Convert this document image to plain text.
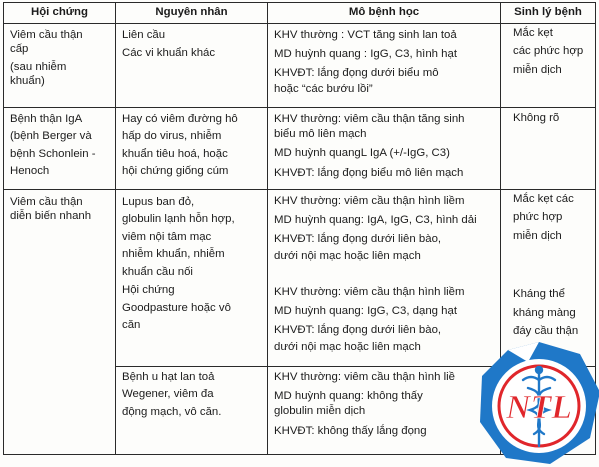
Hội chứng	Nguyên nhân	Mô bệnh học	Sinh lý bệnh

Viêm cầu thận
cấp
(sau nhiễm
khuẩn)	Liên cầu
Các vi khuẩn khác	KHV thường : VCT tăng sinh lan toả
MD huỳnh quang : IgG, C3, hình hạt
KHVĐT: lắng đọng dưới biểu mô
hoặc “các bướu lồi”	Mắc kẹt
các phức hợp
miễn dịch

Bệnh thận IgA
(bệnh Berger và
bệnh Schonlein -
Henoch	Hay có viêm đường hô
hấp do virus, nhiễm
khuẩn tiêu hoá, hoặc
hội chứng giống cúm	KHV thường: viêm cầu thận tăng sinh
biểu mô liên mạch
MD huỳnh quangL IgA (+/-IgG, C3)
KHVĐT: lắng đọng biểu mô liên mạch	Không rõ

Viêm cầu thận
diễn biến nhanh	Lupus ban đỏ,
globulin lạnh hỗn hợp,
viêm nội tâm mạc
nhiễm khuẩn, nhiễm
khuẩn cầu nối	KHV thường: viêm cầu thận hình liềm
MD huỳnh quang: IgA, IgG, C3, hình dải
KHVĐT: lắng đọng dưới liên bào,
dưới nội mạc hoặc liên mạch	Mắc kẹt các
phức hợp
miễn dịch

	Hội chứng
Goodpasture hoặc vô
căn	KHV thường: viêm cầu thận hình liềm
MD huỳnh quang: IgG, C3, dạng hạt
KHVĐT: lắng đọng dưới liên bào,
dưới nội mạc hoặc liên mạch	Kháng thể
kháng màng
đáy cầu thận

	Bệnh u hạt lan toả
Wegener, viêm đa
động mạch, vô căn.	KHV thường: viêm cầu thận hình liề
MD huỳnh quang: không thấy
globulin miễn dịch
KHVĐT: không thấy lắng đọng	

NTL
